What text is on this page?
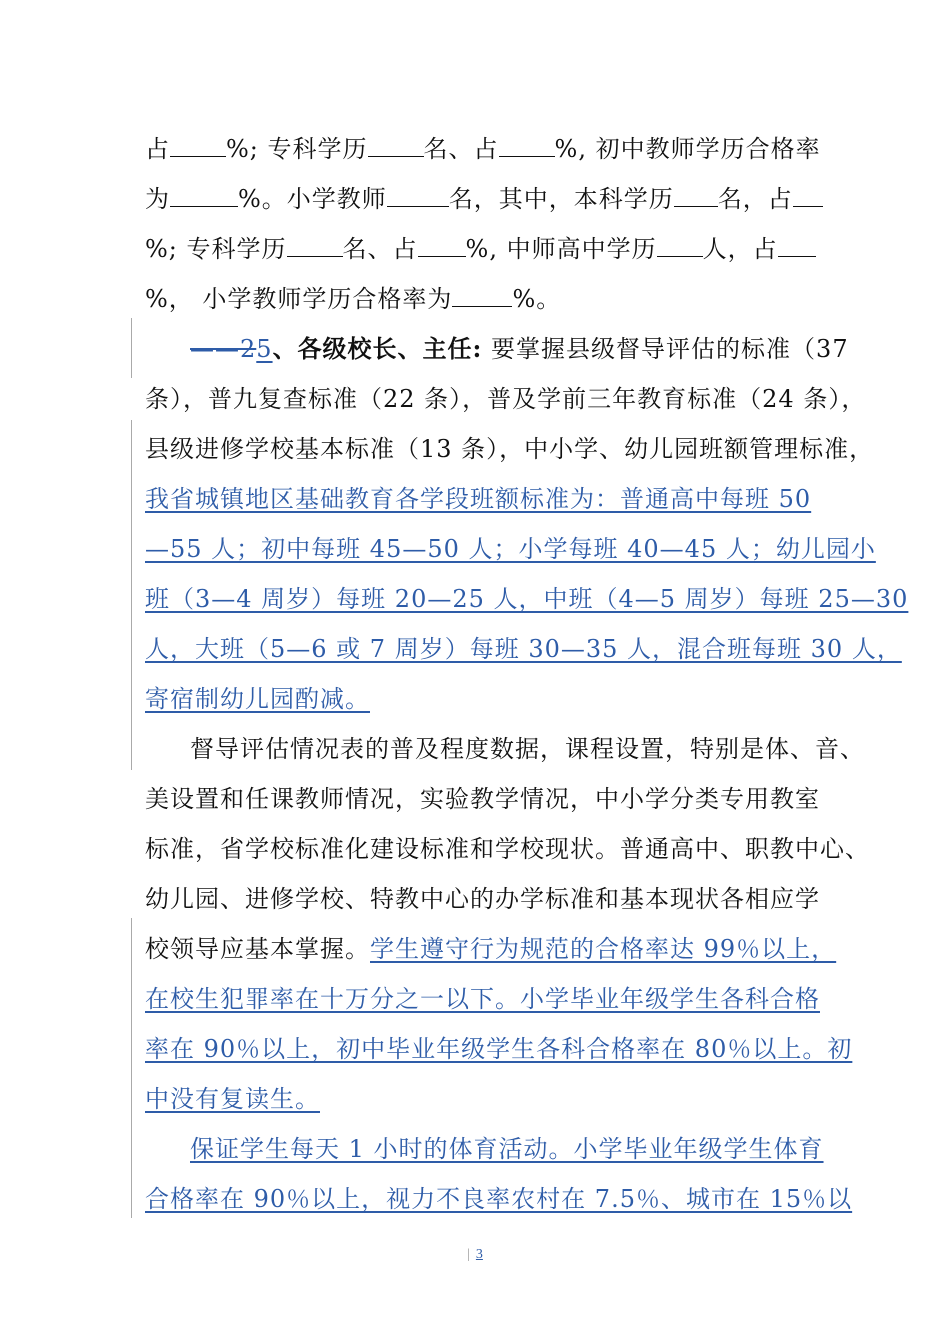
占 %; 专科学历 名、占 %, 初中教师学历合格率
为	%。小学教师	名，其中，本科学历 名，占
%; 专科学历 名、占 %, 中师高中学历 人，占
%， 小学教师学历合格率为	%。
——25、各级校长、主任: 要掌握县级督导评估的标准（37
条），普九复查标准（22 条），普及学前三年教育标准（24 条），
县级进修学校基本标准（13 条），中小学、幼儿园班额管理标准，
我省城镇地区基础教育各学段班额标准为：普通高中每班 50
—55 人；初中每班 45—50 人；小学每班 40—45 人；幼儿园小
班（3—4 周岁）每班 20—25 人，中班（4—5 周岁）每班 25—30
人，大班（5—6 或 7 周岁）每班 30—35 人，混合班每班 30 人，
寄宿制幼儿园酌减。
督导评估情况表的普及程度数据，课程设置，特别是体、音、
美设置和任课教师情况，实验教学情况，中小学分类专用教室
标准，省学校标准化建设标准和学校现状。普通高中、职教中心、
幼儿园、进修学校、特教中心的办学标准和基本现状各相应学
校领导应基本掌握。学生遵守行为规范的合格率达 99％以上，
在校生犯罪率在十万分之一以下。小学毕业年级学生各科合格
率在 90％以上，初中毕业年级学生各科合格率在 80％以上。初
中没有复读生。
保证学生每天 1 小时的体育活动。小学毕业年级学生体育
合格率在 90％以上，视力不良率农村在 7.5％、城市在 15％以
| 3
